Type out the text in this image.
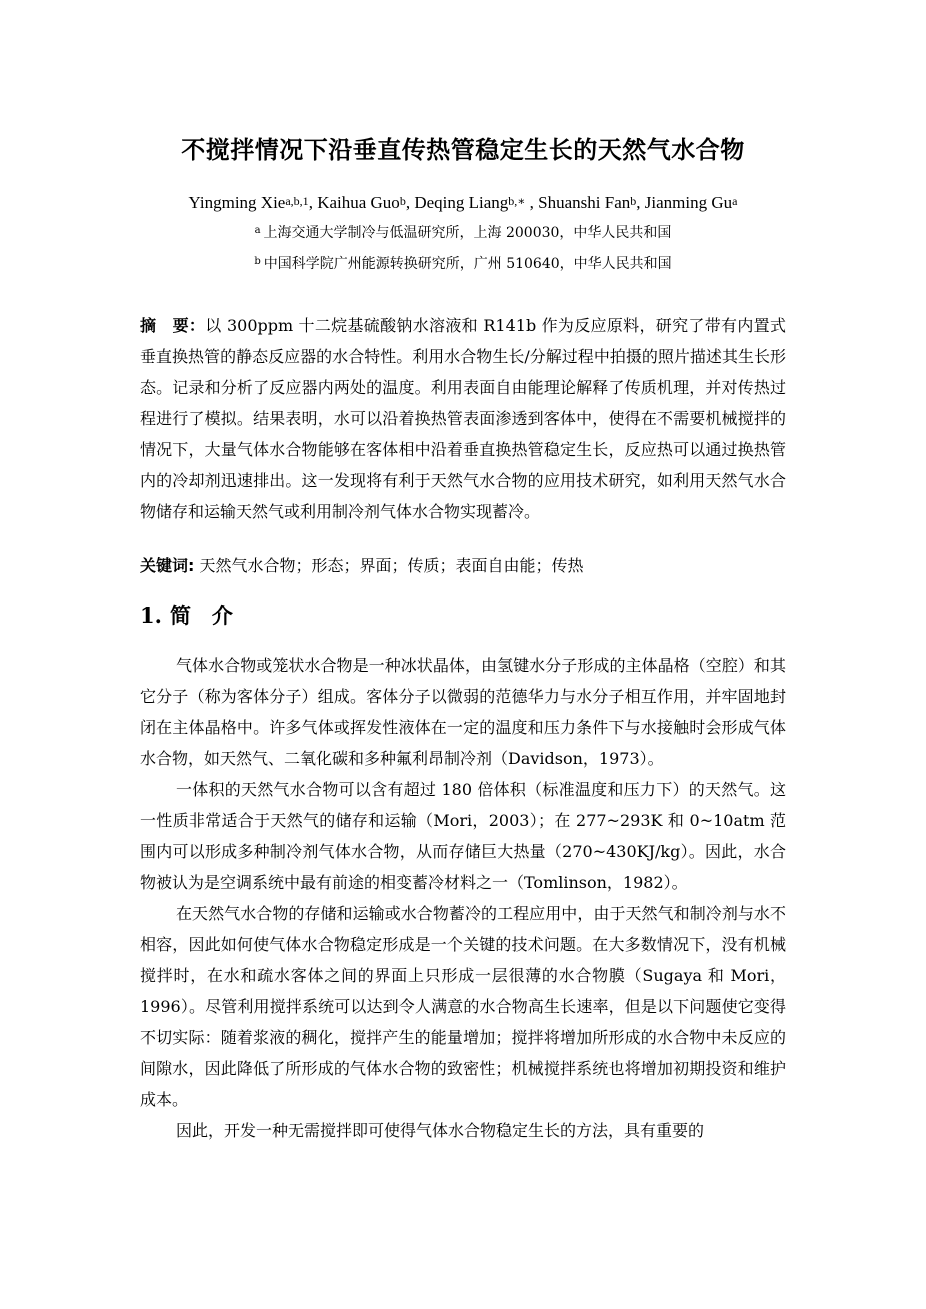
不搅拌情况下沿垂直传热管稳定生长的天然气水合物
Yingming Xie$^{a,b,1}$, Kaihua Guo$^b$, Deqing Liang$^{b,∗}$ , Shuanshi Fan$^b$, Jianming Gu$^a$
$^a$ 上海交通大学制冷与低温研究所，上海 200030，中华人民共和国
$^b$ 中国科学院广州能源转换研究所，广州 510640，中华人民共和国
摘　要：以 300ppm 十二烷基硫酸钠水溶液和 R141b 作为反应原料，研究了带有内置式垂直换热管的静态反应器的水合特性。利用水合物生长/分解过程中拍摄的照片描述其生长形态。记录和分析了反应器内两处的温度。利用表面自由能理论解释了传质机理，并对传热过程进行了模拟。结果表明，水可以沿着换热管表面渗透到客体中，使得在不需要机械搅拌的情况下，大量气体水合物能够在客体相中沿着垂直换热管稳定生长，反应热可以通过换热管内的冷却剂迅速排出。这一发现将有利于天然气水合物的应用技术研究，如利用天然气水合物储存和运输天然气或利用制冷剂气体水合物实现蓄冷。
关键词: 天然气水合物；形态；界面；传质；表面自由能；传热
1. 简　介

气体水合物或笼状水合物是一种冰状晶体，由氢键水分子形成的主体晶格（空腔）和其它分子（称为客体分子）组成。客体分子以微弱的范德华力与水分子相互作用，并牢固地封闭在主体晶格中。许多气体或挥发性液体在一定的温度和压力条件下与水接触时会形成气体水合物，如天然气、二氧化碳和多种氟利昂制冷剂（Davidson，1973）。

一体积的天然气水合物可以含有超过 180 倍体积（标准温度和压力下）的天然气。这一性质非常适合于天然气的储存和运输（Mori，2003）；在 277~293K 和 0~10atm 范围内可以形成多种制冷剂气体水合物，从而存储巨大热量（270~430KJ/kg）。因此，水合物被认为是空调系统中最有前途的相变蓄冷材料之一（Tomlinson，1982）。

在天然气水合物的存储和运输或水合物蓄冷的工程应用中，由于天然气和制冷剂与水不相容，因此如何使气体水合物稳定形成是一个关键的技术问题。在大多数情况下，没有机械搅拌时，在水和疏水客体之间的界面上只形成一层很薄的水合物膜（Sugaya 和 Mori，1996）。尽管利用搅拌系统可以达到令人满意的水合物高生长速率，但是以下问题使它变得不切实际：随着浆液的稠化，搅拌产生的能量增加；搅拌将增加所形成的水合物中未反应的间隙水，因此降低了所形成的气体水合物的致密性；机械搅拌系统也将增加初期投资和维护成本。

因此，开发一种无需搅拌即可使得气体水合物稳定生长的方法，具有重要的
